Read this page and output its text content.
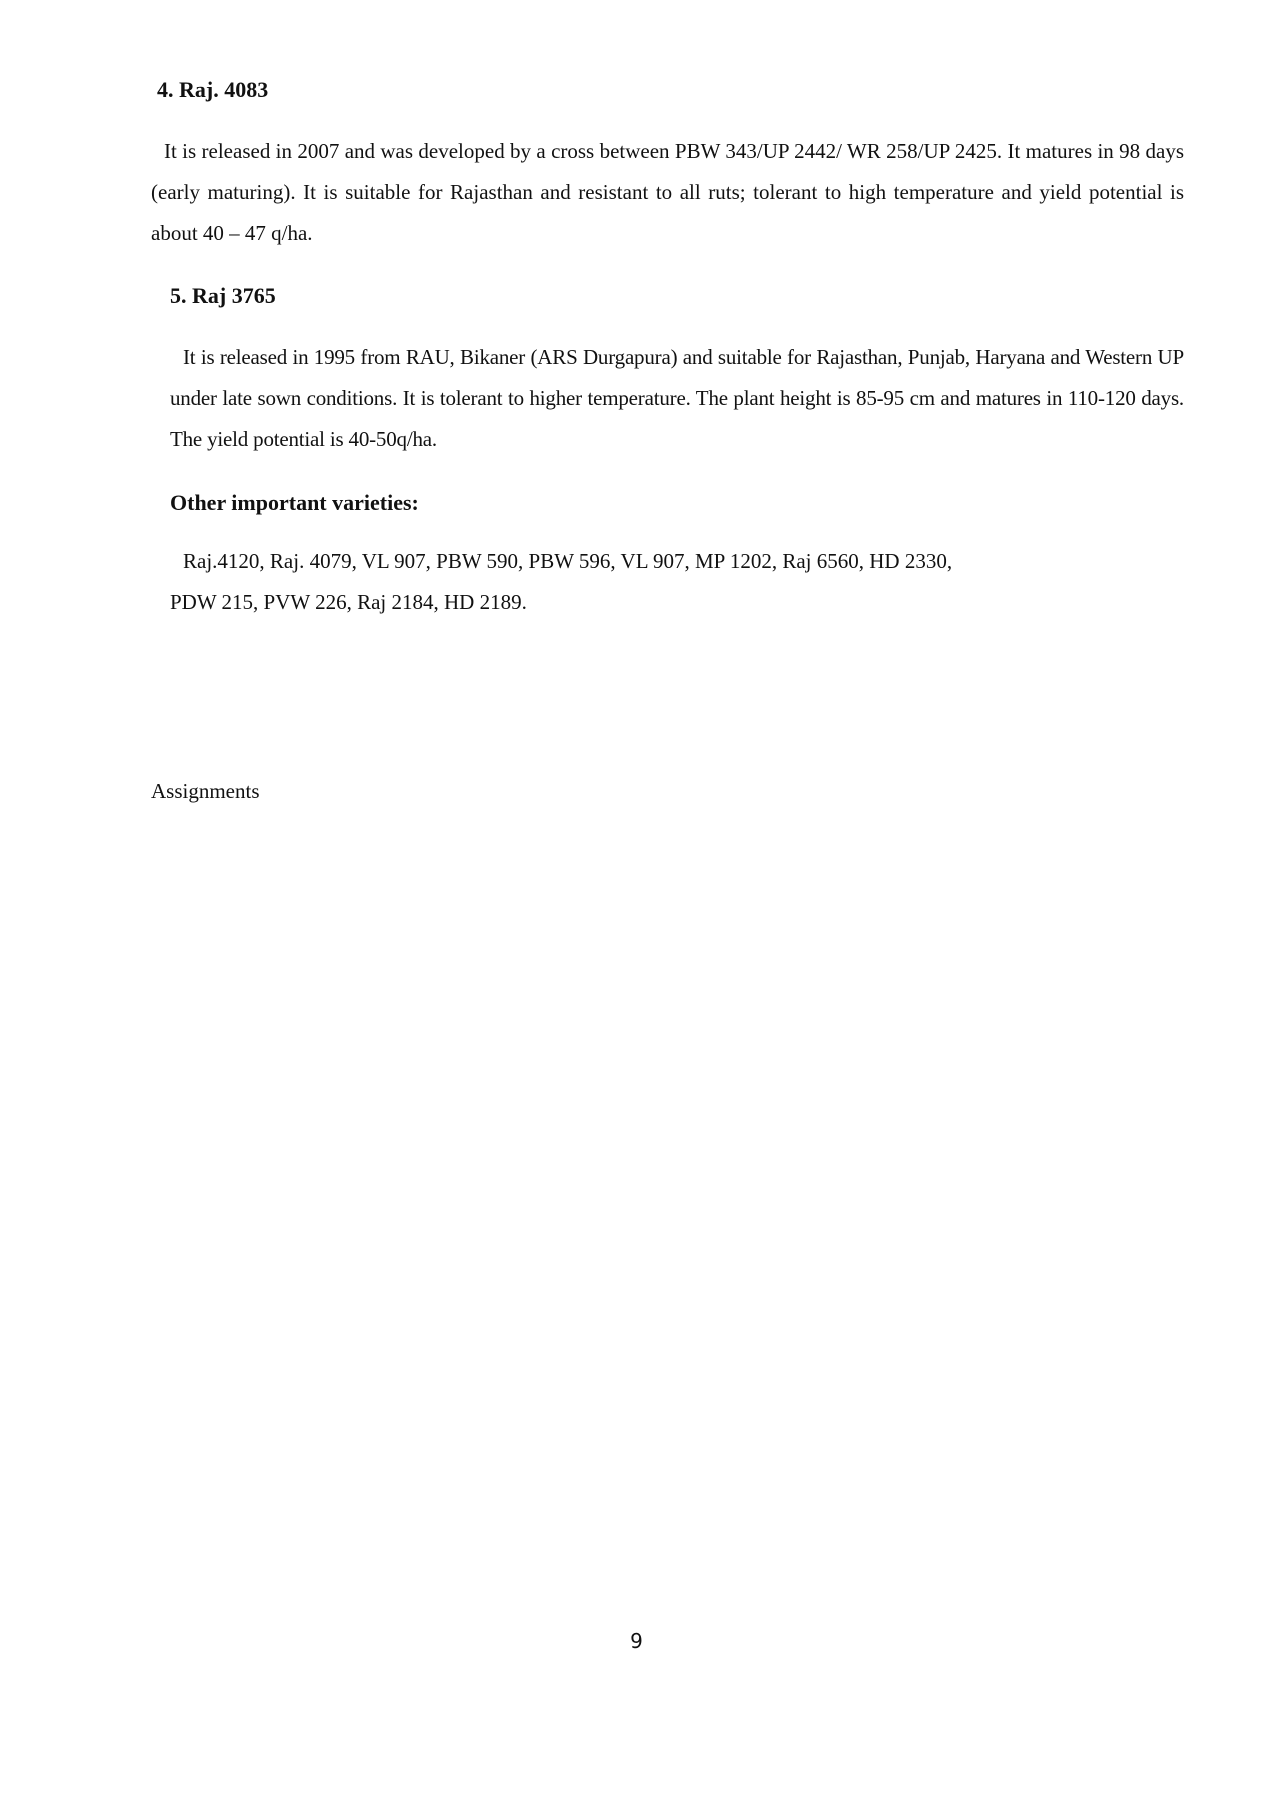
4. Raj. 4083
It is released in 2007 and was developed by a cross between PBW 343/UP 2442/ WR 258/UP 2425. It matures in 98 days (early maturing). It is suitable for Rajasthan and resistant to all ruts; tolerant to high temperature and yield potential is about 40 – 47 q/ha.
5. Raj 3765
It is released in 1995 from RAU, Bikaner (ARS Durgapura) and suitable for Rajasthan, Punjab, Haryana and Western UP under late sown conditions. It is tolerant to higher temperature. The plant height is 85-95 cm and matures in 110-120 days. The yield potential is 40-50q/ha.
Other important varieties:
Raj.4120, Raj. 4079, VL 907, PBW 590, PBW 596, VL 907, MP 1202, Raj 6560, HD 2330,
PDW 215, PVW 226, Raj 2184, HD 2189.
Assignments
9
